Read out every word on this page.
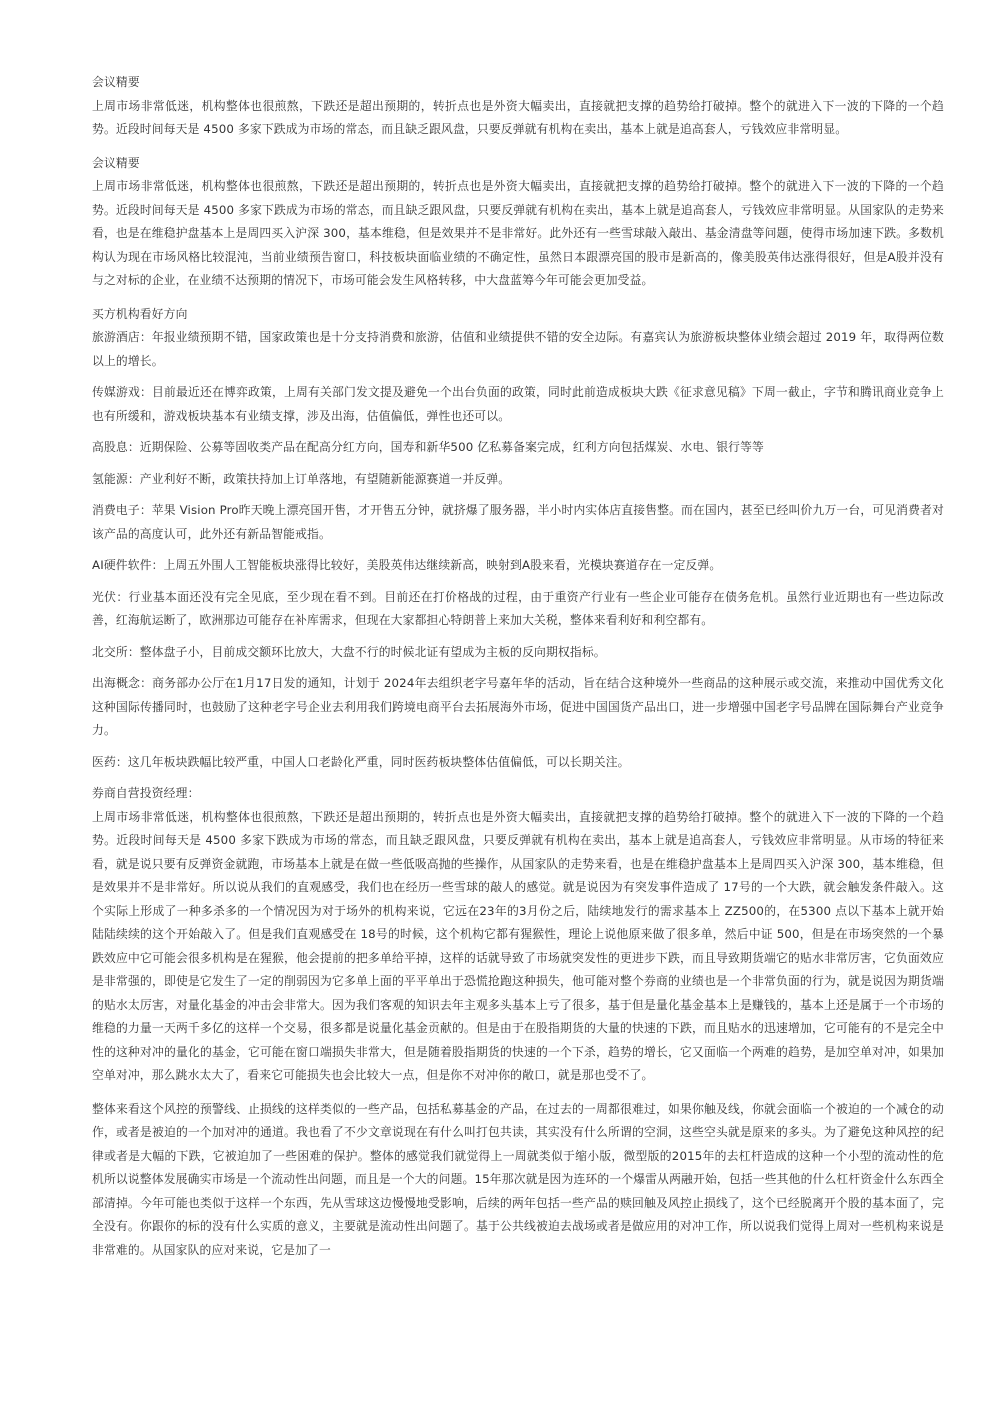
会议精要

上周市场非常低迷，机构整体也很煎熬，下跌还是超出预期的，转折点也是外资大幅卖出，直接就把支撑的趋势给打破掉。整个的就进入下一波的下降的一个趋势。近段时间每天是 4500 多家下跌成为市场的常态，而且缺乏跟风盘，只要反弹就有机构在卖出，基本上就是追高套人，亏钱效应非常明显。

会议精要

上周市场非常低迷，机构整体也很煎熬，下跌还是超出预期的，转折点也是外资大幅卖出，直接就把支撑的趋势给打破掉。整个的就进入下一波的下降的一个趋势。近段时间每天是 4500 多家下跌成为市场的常态，而且缺乏跟风盘，只要反弹就有机构在卖出，基本上就是追高套人，亏钱效应非常明显。从国家队的走势来看，也是在维稳护盘基本上是周四买入沪深 300，基本维稳，但是效果并不是非常好。此外还有一些雪球敲入敲出、基金清盘等问题，使得市场加速下跌。多数机构认为现在市场风格比较混沌，当前业绩预告窗口，科技板块面临业绩的不确定性，虽然日本跟漂亮国的股市是新高的，像美股英伟达涨得很好，但是A股并没有与之对标的企业，在业绩不达预期的情况下，市场可能会发生风格转移，中大盘蓝筹今年可能会更加受益。

买方机构看好方向

旅游酒店：年报业绩预期不错，国家政策也是十分支持消费和旅游，估值和业绩提供不错的安全边际。有嘉宾认为旅游板块整体业绩会超过 2019 年，取得两位数以上的增长。

传媒游戏：目前最近还在博弈政策，上周有关部门发文提及避免一个出台负面的政策，同时此前造成板块大跌《征求意见稿》下周一截止，字节和腾讯商业竞争上也有所缓和，游戏板块基本有业绩支撑，涉及出海，估值偏低，弹性也还可以。

高股息：近期保险、公募等固收类产品在配高分红方向，国寿和新华500 亿私募备案完成，红利方向包括煤炭、水电、银行等等

氢能源：产业利好不断，政策扶持加上订单落地，有望随新能源赛道一并反弹。

消费电子：苹果 Vision Pro昨天晚上漂亮国开售，才开售五分钟，就挤爆了服务器，半小时内实体店直接售整。而在国内，甚至已经叫价九万一台，可见消费者对该产品的高度认可，此外还有新品智能戒指。

AI硬件软件：上周五外围人工智能板块涨得比较好，美股英伟达继续新高，映射到A股来看，光模块赛道存在一定反弹。

光伏：行业基本面还没有完全见底，至少现在看不到。目前还在打价格战的过程，由于重资产行业有一些企业可能存在债务危机。虽然行业近期也有一些边际改善，红海航运断了，欧洲那边可能存在补库需求，但现在大家都担心特朗普上来加大关税，整体来看利好和利空都有。

北交所：整体盘子小，目前成交额环比放大，大盘不行的时候北证有望成为主板的反向期权指标。

出海概念：商务部办公厅在1月17日发的通知，计划于 2024年去组织老字号嘉年华的活动，旨在结合这种境外一些商品的这种展示或交流，来推动中国优秀文化这种国际传播同时，也鼓励了这种老字号企业去利用我们跨境电商平台去拓展海外市场，促进中国国货产品出口，进一步增强中国老字号品牌在国际舞台产业竞争力。

医药：这几年板块跌幅比较严重，中国人口老龄化严重，同时医药板块整体估值偏低，可以长期关注。

券商自营投资经理：

上周市场非常低迷，机构整体也很煎熬，下跌还是超出预期的，转折点也是外资大幅卖出，直接就把支撑的趋势给打破掉。整个的就进入下一波的下降的一个趋势。近段时间每天是 4500 多家下跌成为市场的常态，而且缺乏跟风盘，只要反弹就有机构在卖出，基本上就是追高套人，亏钱效应非常明显。从市场的特征来看，就是说只要有反弹资金就跑，市场基本上就是在做一些低吸高抛的些操作，从国家队的走势来看，也是在维稳护盘基本上是周四买入沪深 300，基本维稳，但是效果并不是非常好。所以说从我们的直观感受，我们也在经历一些雪球的敲人的感觉。就是说因为有突发事件造成了 17号的一个大跌，就会触发条件敲入。这个实际上形成了一种多杀多的一个情况因为对于场外的机构来说，它远在23年的3月份之后，陆续地发行的需求基本上 ZZ500的，在5300 点以下基本上就开始陆陆续续的这个开始敲入了。但是我们直观感受在 18号的时候，这个机构它都有猩猴性，理论上说他原来做了很多单，然后中证 500，但是在市场突然的一个暴跌效应中它可能会很多机构是在猩猴，他会提前的把多单给平掉，这样的话就导致了市场就突发性的更进步下跌，而且导致期货端它的贴水非常厉害，它负面效应是非常强的，即使是它发生了一定的削弱因为它多单上面的平平单出于恐慌抢跑这种损失，他可能对整个券商的业绩也是一个非常负面的行为，就是说因为期货端的贴水太厉害，对量化基金的冲击会非常大。因为我们客观的知识去年主观多头基本上亏了很多，基于但是量化基金基本上是赚钱的，基本上还是属于一个市场的维稳的力量一天两千多亿的这样一个交易，很多都是说量化基金贡献的。但是由于在股指期货的大量的快速的下跌，而且贴水的迅速增加，它可能有的不是完全中性的这种对冲的量化的基金，它可能在窗口端损失非常大，但是随着股指期货的快速的一个下杀，趋势的增长，它又面临一个两难的趋势，是加空单对冲，如果加空单对冲，那么跳水太大了，看来它可能损失也会比较大一点，但是你不对冲你的敞口，就是那也受不了。

整体来看这个风控的预警线、止损线的这样类似的一些产品，包括私募基金的产品，在过去的一周都很难过，如果你触及线，你就会面临一个被迫的一个减仓的动作，或者是被迫的一个加对冲的通道。我也看了不少文章说现在有什么叫打包共读，其实没有什么所谓的空洞，这些空头就是原来的多头。为了避免这种风控的纪律或者是大幅的下跌，它被迫加了一些困难的保护。整体的感觉我们就觉得上一周就类似于缩小版，微型版的2015年的去杠杆造成的这种一个小型的流动性的危机所以说整体发展确实市场是一个流动性出问题，而且是一个大的问题。15年那次就是因为连环的一个爆雷从两融开始，包括一些其他的什么杠杆资金什么东西全部清掉。今年可能也类似于这样一个东西，先从雪球这边慢慢地受影响，后续的两年包括一些产品的赎回触及风控止损线了，这个已经脱离开个股的基本面了，完全没有。你跟你的标的没有什么实质的意义，主要就是流动性出问题了。基于公共线被迫去战场或者是做应用的对冲工作，所以说我们觉得上周对一些机构来说是非常难的。从国家队的应对来说，它是加了一
